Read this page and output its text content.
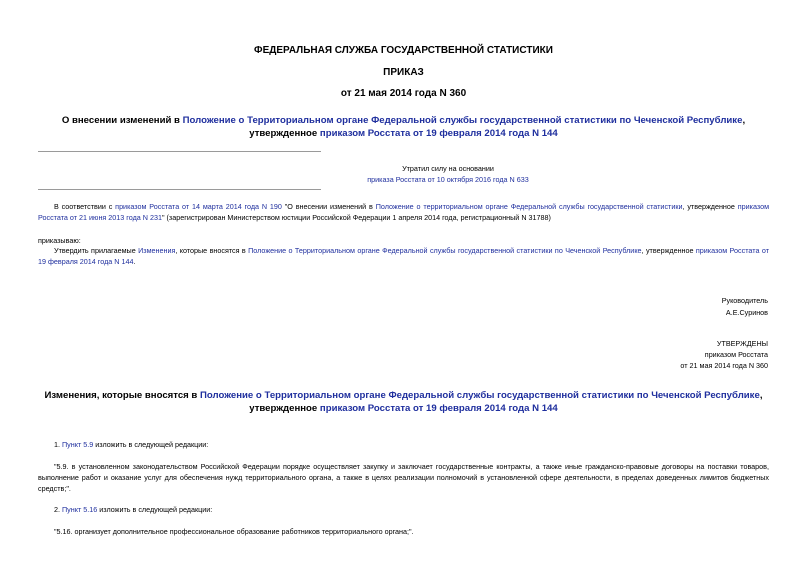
ФЕДЕРАЛЬНАЯ СЛУЖБА ГОСУДАРСТВЕННОЙ СТАТИСТИКИ
ПРИКАЗ
от 21 мая 2014 года N 360
О внесении изменений в Положение о Территориальном органе Федеральной службы государственной статистики по Чеченской Республике, утвержденное приказом Росстата от 19 февраля 2014 года N 144
Утратил силу на основании
приказа Росстата от 10 октября 2016 года N 633
В соответствии с приказом Росстата от 14 марта 2014 года N 190 "О внесении изменений в Положение о территориальном органе Федеральной службы государственной статистики, утвержденное приказом Росстата от 21 июня 2013 года N 231" (зарегистрирован Министерством юстиции Российской Федерации 1 апреля 2014 года, регистрационный N 31788)
приказываю:
Утвердить прилагаемые Изменения, которые вносятся в Положение о Территориальном органе Федеральной службы государственной статистики по Чеченской Республике, утвержденное приказом Росстата от 19 февраля 2014 года N 144.
Руководитель
А.Е.Суринов
УТВЕРЖДЕНЫ
приказом Росстата
от 21 мая 2014 года N 360
Изменения, которые вносятся в Положение о Территориальном органе Федеральной службы государственной статистики по Чеченской Республике, утвержденное приказом Росстата от 19 февраля 2014 года N 144
1. Пункт 5.9 изложить в следующей редакции:
"5.9. в установленном законодательством Российской Федерации порядке осуществляет закупку и заключает государственные контракты, а также иные гражданско-правовые договоры на поставки товаров, выполнение работ и оказание услуг для обеспечения нужд территориального органа, а также в целях реализации полномочий в установленной сфере деятельности, в пределах доведенных лимитов бюджетных средств;".
2. Пункт 5.16 изложить в следующей редакции:
"5.16. организует дополнительное профессиональное образование работников территориального органа;".
